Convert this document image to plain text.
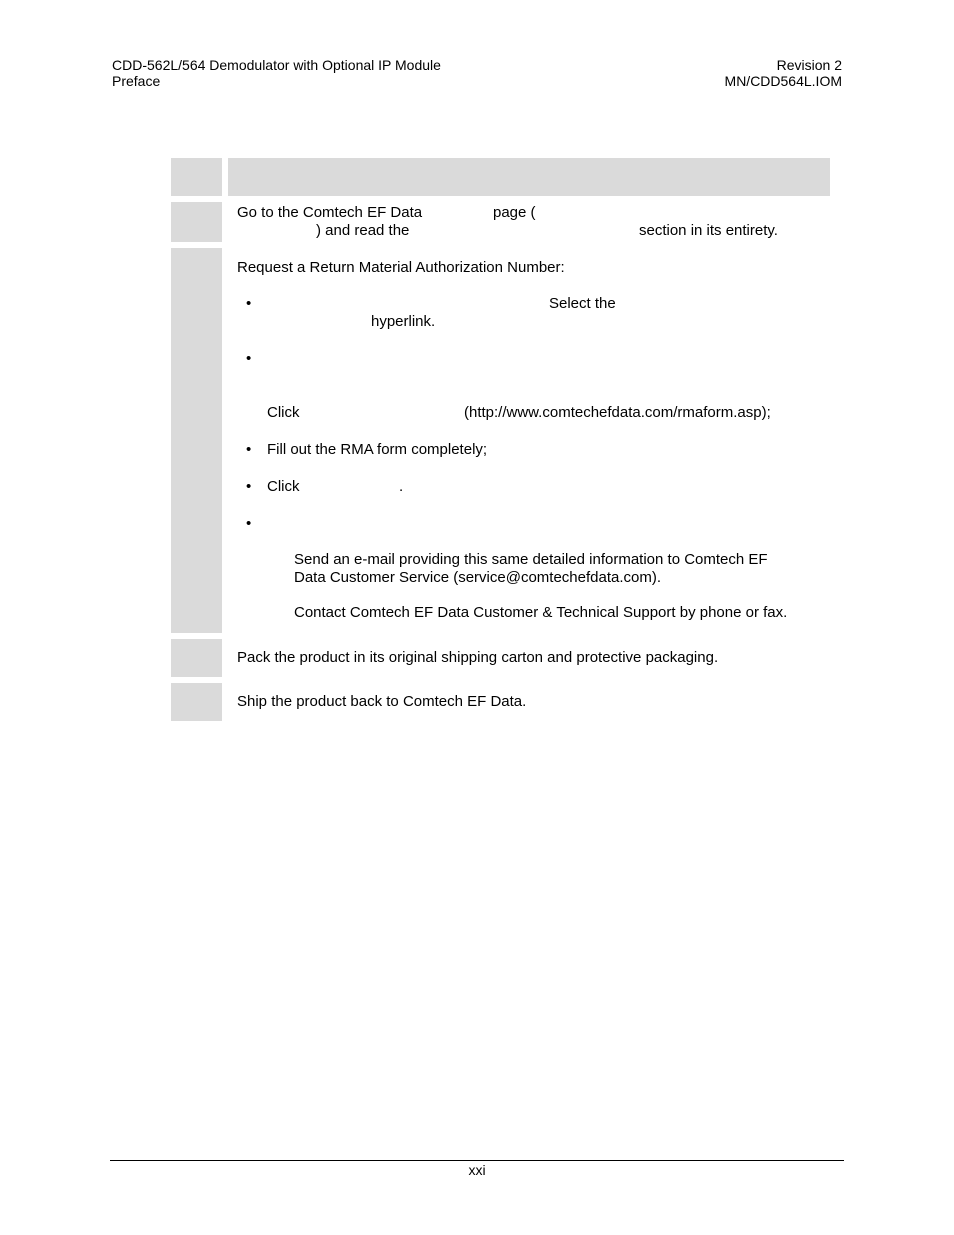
CDD-562L/564 Demodulator with Optional IP Module
Preface
Revision 2
MN/CDD564L.IOM
Go to the Comtech EF Data	page (
) and read the	section in its entirety.
Request a Return Material Authorization Number:
•	Select the
hyperlink.
•
Click	(http://www.comtechefdata.com/rmaform.asp);
• Fill out the RMA form completely;
• Click	.
•
Send an e-mail providing this same detailed information to Comtech EF
Data Customer Service (service@comtechefdata.com).
Contact Comtech EF Data Customer & Technical Support by phone or fax.
Pack the product in its original shipping carton and protective packaging.
Ship the product back to Comtech EF Data.
xxi
